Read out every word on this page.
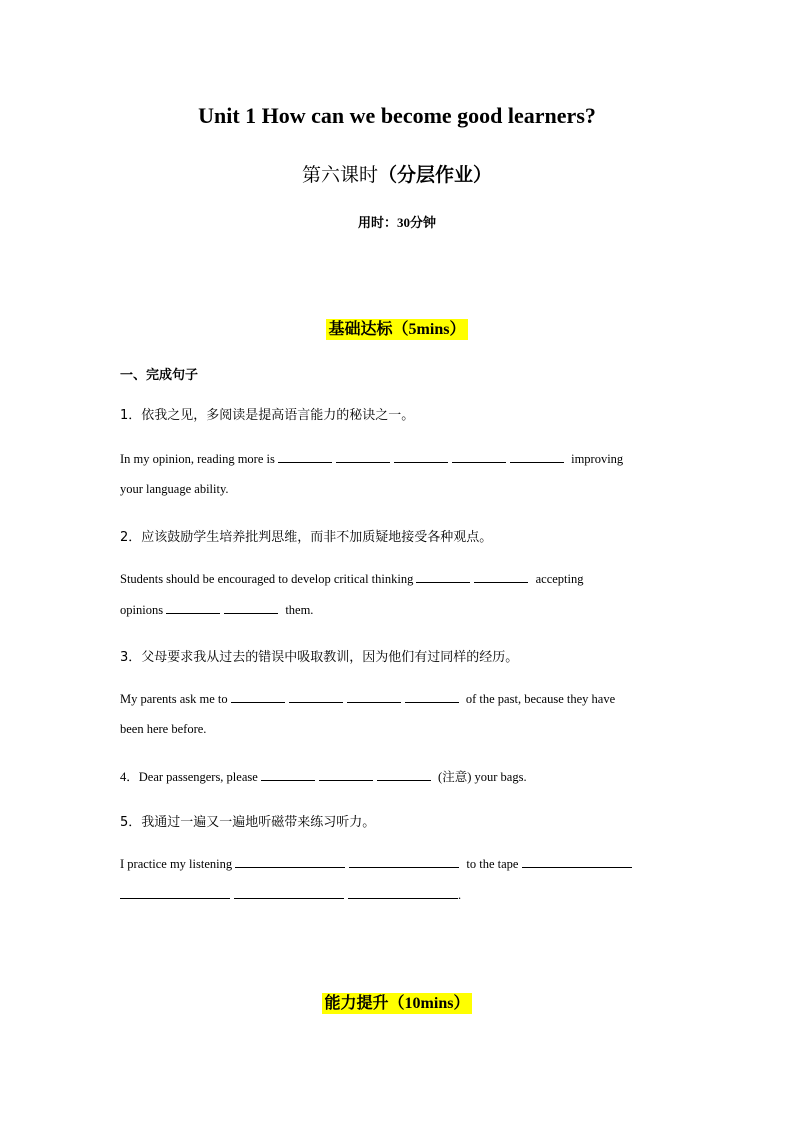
Unit 1 How can we become good learners?
第六课时（分层作业）
用时：30分钟
基础达标（5mins）
一、完成句子
1．依我之见，多阅读是提高语言能力的秘诀之一。
In my opinion, reading more is	improving
your language ability.
2．应该鼓励学生培养批判思维，而非不加质疑地接受各种观点。
Students should be encouraged to develop critical thinking	accepting
opinions	them.
3．父母要求我从过去的错误中吸取教训，因为他们有过同样的经历。
My parents ask me to	of the past, because they have
been here before.
4．Dear passengers, please	(注意) your bags.
5．我通过一遍又一遍地听磁带来练习听力。
I practice my listening	to the tape
.
能力提升（10mins）
